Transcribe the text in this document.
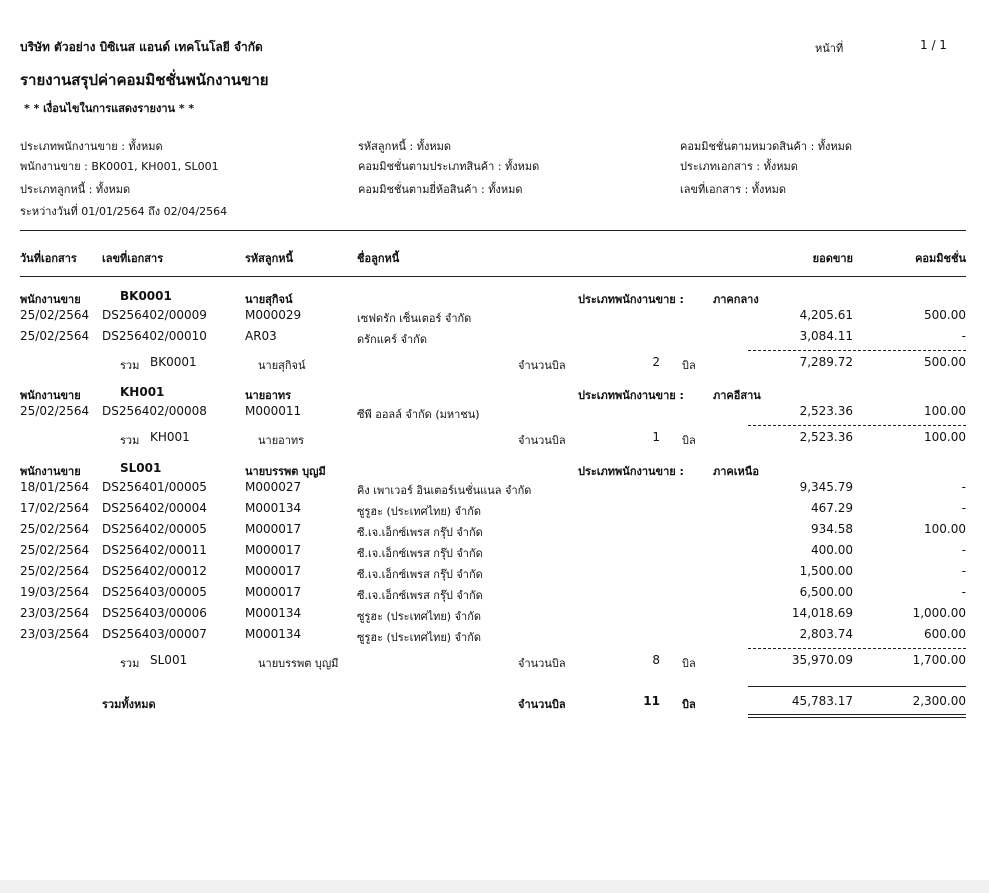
บริษัท ตัวอย่าง บิซิเนส แอนด์ เทคโนโลยี จำกัด	หน้าที่	1 / 1
รายงานสรุปค่าคอมมิชชั่นพนักงานขาย
* * เงื่อนไขในการแสดงรายงาน * *
ประเภทพนักงานขาย : ทั้งหมด
พนักงานขาย : BK0001, KH001, SL001
ประเภทลูกหนี้ : ทั้งหมด
ระหว่างวันที่ 01/01/2564 ถึง 02/04/2564
รหัสลูกหนี้ : ทั้งหมด
คอมมิชชั่นตามประเภทสินค้า : ทั้งหมด
คอมมิชชั่นตามยี่ห้อสินค้า : ทั้งหมด
คอมมิชชั่นตามหมวดสินค้า : ทั้งหมด
ประเภทเอกสาร : ทั้งหมด
เลขที่เอกสาร : ทั้งหมด
วันที่เอกสาร เลขที่เอกสาร	รหัสลูกหนี้	ชื่อลูกหนี้	ยอดขาย	คอมมิชชั่น
พนักงานขาย	BK0001	นายสุกิจน์	ประเภทพนักงานขาย :	ภาคกลาง
25/02/2564 DS256402/00009	M000029	เซฟดรัก เซ็นเตอร์ จำกัด	4,205.61	500.00
25/02/2564 DS256402/00010	AR03	ดรักแคร์ จำกัด	3,084.11	-
รวม BK0001	นายสุกิจน์	จำนวนบิล	2 บิล	7,289.72	500.00
พนักงานขาย	KH001	นายอาทร	ประเภทพนักงานขาย :	ภาคอีสาน
25/02/2564 DS256402/00008	M000011	ซีพี ออลล์ จำกัด (มหาชน)	2,523.36	100.00
รวม KH001	นายอาทร	จำนวนบิล	1 บิล	2,523.36	100.00
พนักงานขาย	SL001	นายบรรพต บุญมี	ประเภทพนักงานขาย :	ภาคเหนือ
18/01/2564 DS256401/00005	M000027	คิง เพาเวอร์ อินเตอร์เนชั่นแนล จำกัด	9,345.79	-
17/02/2564 DS256402/00004	M000134	ซูรูฮะ (ประเทศไทย) จำกัด	467.29	-
25/02/2564 DS256402/00005	M000017	ซี.เจ.เอ็กซ์เพรส กรุ๊ป จำกัด	934.58	100.00
25/02/2564 DS256402/00011	M000017	ซี.เจ.เอ็กซ์เพรส กรุ๊ป จำกัด	400.00	-
25/02/2564 DS256402/00012	M000017	ซี.เจ.เอ็กซ์เพรส กรุ๊ป จำกัด	1,500.00	-
19/03/2564 DS256403/00005	M000017	ซี.เจ.เอ็กซ์เพรส กรุ๊ป จำกัด	6,500.00	-
23/03/2564 DS256403/00006	M000134	ซูรูฮะ (ประเทศไทย) จำกัด	14,018.69	1,000.00
23/03/2564 DS256403/00007	M000134	ซูรูฮะ (ประเทศไทย) จำกัด	2,803.74	600.00
รวม SL001	นายบรรพต บุญมี	จำนวนบิล	8 บิล	35,970.09	1,700.00
รวมทั้งหมด	จำนวนบิล	11 บิล	45,783.17	2,300.00
